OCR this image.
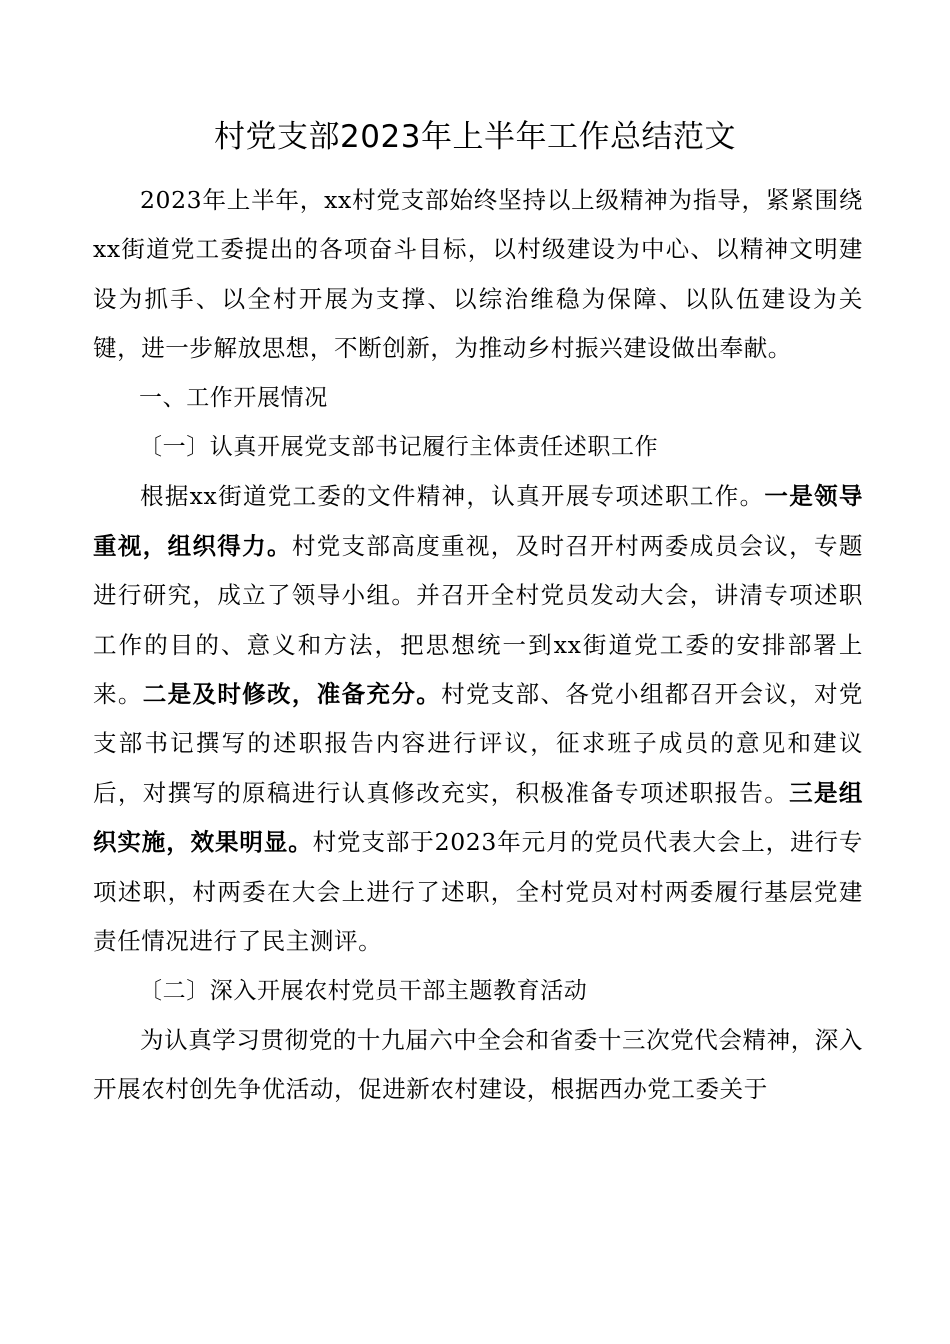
村党支部2023年上半年工作总结范文

2023年上半年，xx村党支部始终坚持以上级精神为指导，紧紧围绕xx街道党工委提出的各项奋斗目标，以村级建设为中心、以精神文明建设为抓手、以全村开展为支撑、以综治维稳为保障、以队伍建设为关键，进一步解放思想，不断创新，为推动乡村振兴建设做出奉献。

一、工作开展情况

〔一〕认真开展党支部书记履行主体责任述职工作

根据xx街道党工委的文件精神，认真开展专项述职工作。一是领导重视，组织得力。村党支部高度重视，及时召开村两委成员会议，专题进行研究，成立了领导小组。并召开全村党员发动大会，讲清专项述职工作的目的、意义和方法，把思想统一到xx街道党工委的安排部署上来。二是及时修改，准备充分。村党支部、各党小组都召开会议，对党支部书记撰写的述职报告内容进行评议，征求班子成员的意见和建议后，对撰写的原稿进行认真修改充实，积极准备专项述职报告。三是组织实施，效果明显。村党支部于2023年元月的党员代表大会上，进行专项述职，村两委在大会上进行了述职，全村党员对村两委履行基层党建责任情况进行了民主测评。

〔二〕深入开展农村党员干部主题教育活动

为认真学习贯彻党的十九届六中全会和省委十三次党代会精神，深入开展农村创先争优活动，促进新农村建设，根据西办党工委关于
